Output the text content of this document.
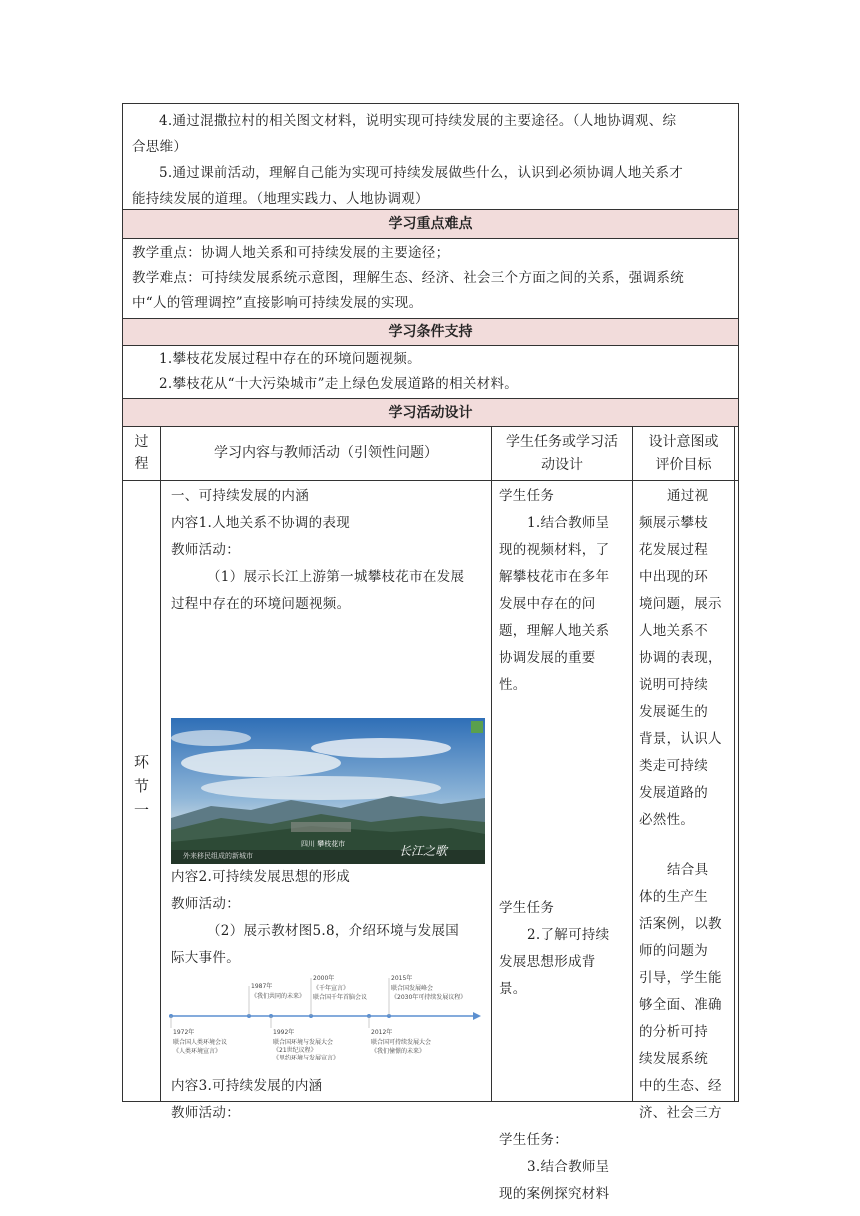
4.通过混撒拉村的相关图文材料，说明实现可持续发展的主要途径。（人地协调观、综
合思维）
5.通过课前活动，理解自己能为实现可持续发展做些什么，认识到必须协调人地关系才
能持续发展的道理。（地理实践力、人地协调观）
学习重点难点
教学重点：协调人地关系和可持续发展的主要途径；
教学难点：可持续发展系统示意图，理解生态、经济、社会三个方面之间的关系，强调系统
中“人的管理调控”直接影响可持续发展的实现。
学习条件支持
1.攀枝花发展过程中存在的环境问题视频。
2.攀枝花从“十大污染城市”走上绿色发展道路的相关材料。
学习活动设计
过
程
学习内容与教师活动（引领性问题）
学生任务或学习活
动设计
设计意图或
评价目标
环
节
一

一、可持续发展的内涵

内容1.人地关系不协调的表现

教师活动：

（1）展示长江上游第一城攀枝花市在发展

过程中存在的环境问题视频。

四川 攀枝花市	长江之歌
外来移民组成的新城市

内容2.可持续发展思想的形成

教师活动：

（2）展示教材图5.8，介绍环境与发展国

际大事件。

1987年
《我们共同的未来》
2000年
《千年宣言》
联合国千年首脑会议
2015年
联合国发展峰会
《2030年可持续发展议程》
1972年
联合国人类环境会议
《人类环境宣言》
1992年
联合国环境与发展大会
《21世纪议程》
《里约环境与发展宣言》
2012年
联合国可持续发展大会
《我们憧憬的未来》

内容3.可持续发展的内涵

教师活动：

学生任务

1.结合教师呈

现的视频材料，了

解攀枝花市在多年

发展中存在的问

题，理解人地关系

协调发展的重要

性。

学生任务

2.了解可持续

发展思想形成背

景。

学生任务：

3.结合教师呈

现的案例探究材料

通过视

频展示攀枝

花发展过程

中出现的环

境问题，展示

人地关系不

协调的表现，

说明可持续

发展诞生的

背景，认识人

类走可持续

发展道路的

必然性。

结合具

体的生产生

活案例，以教

师的问题为

引导，学生能

够全面、准确

的分析可持

续发展系统

中的生态、经

济、社会三方
